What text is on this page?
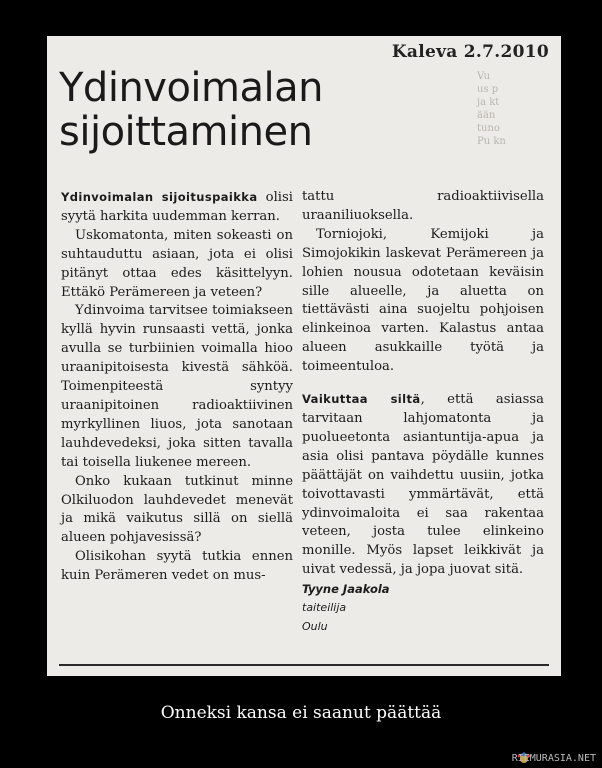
Vu
us p
ja kt
ään
tuno
Pu kn
Kaleva 2.7.2010
Ydinvoimalan
sijoittaminen

Ydinvoimalan sijoituspaikka olisi syytä harkita uudemman kerran.

Uskomatonta, miten sokeasti on suhtauduttu asiaan, jota ei olisi pitänyt ottaa edes käsittelyyn. Ettäkö Perämereen ja veteen?

Ydinvoima tarvitsee toimiakseen kyllä hyvin runsaasti vettä, jonka avulla se turbiinien voimalla hioo uraanipitoisesta kivestä sähköä. Toimenpiteestä syntyy uraanipitoinen radioaktiivinen myrkyllinen liuos, jota sanotaan lauhdevedeksi, joka sitten tavalla tai toisella liukenee mereen.

Onko kukaan tutkinut minne Olkiluodon lauhdevedet menevät ja mikä vaikutus sillä on siellä alueen pohjavesissä?

Olisikohan syytä tutkia ennen kuin Perämeren vedet on mus-

tattu radioaktiivisella uraaniliuoksella.

Torniojoki, Kemijoki ja Simojokikin laskevat Perämereen ja lohien nousua odotetaan keväisin sille alueelle, ja aluetta on tiettävästi aina suojeltu pohjoisen elinkeinoa varten. Kalastus antaa alueen asukkaille työtä ja toimeentuloa.

Vaikuttaa siltä, että asiassa tarvitaan lahjomatonta ja puolueetonta asiantuntija-apua ja asia olisi pantava pöydälle kunnes päättäjät on vaihdettu uusiin, jotka toivottavasti ymmärtävät, että ydinvoimaloita ei saa rakentaa veteen, josta tulee elinkeino monille. Myös lapset leikkivät ja uivat vedessä, ja jopa juovat sitä.

Tyyne Jaakola
taiteilija
Oulu
Onneksi kansa ei saanut päättää
RIEMURASIA.NET
